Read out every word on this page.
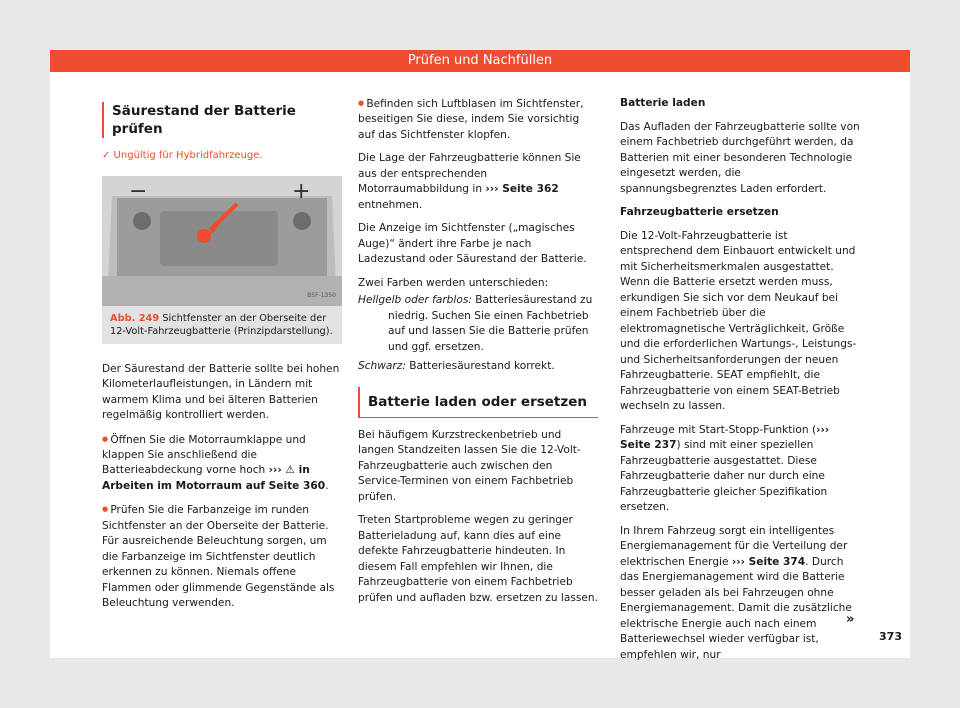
Prüfen und Nachfüllen
Säurestand der Batterie prüfen
✓ Ungültig für Hybridfahrzeuge.
−	+
B5F-1350
Abb. 249 Sichtfenster an der Oberseite der 12-Volt-Fahrzeugbatterie (Prinzipdarstellung).

Der Säurestand der Batterie sollte bei hohen Kilometerlaufleistungen, in Ländern mit warmem Klima und bei älteren Batterien regelmäßig kontrolliert werden.

● Öffnen Sie die Motorraumklappe und klappen Sie anschließend die Batterieabdeckung vorne hoch ››› ⚠ in Arbeiten im Motorraum auf Seite 360.

● Prüfen Sie die Farbanzeige im runden Sichtfenster an der Oberseite der Batterie. Für ausreichende Beleuchtung sorgen, um die Farbanzeige im Sichtfenster deutlich erkennen zu können. Niemals offene Flammen oder glimmende Gegenstände als Beleuchtung verwenden.

● Befinden sich Luftblasen im Sichtfenster, beseitigen Sie diese, indem Sie vorsichtig auf das Sichtfenster klopfen.

Die Lage der Fahrzeugbatterie können Sie aus der entsprechenden Motorraumabbildung in ››› Seite 362 entnehmen.

Die Anzeige im Sichtfenster („magisches Auge)“ ändert ihre Farbe je nach Ladezustand oder Säurestand der Batterie.

Zwei Farben werden unterschieden:

Hellgelb oder farblos: Batteriesäurestand zu niedrig. Suchen Sie einen Fachbetrieb auf und lassen Sie die Batterie prüfen und ggf. ersetzen.

Schwarz: Batteriesäurestand korrekt.

Batterie laden oder ersetzen

Bei häufigem Kurzstreckenbetrieb und langen Standzeiten lassen Sie die 12-Volt-Fahrzeugbatterie auch zwischen den Service-Terminen von einem Fachbetrieb prüfen.

Treten Startprobleme wegen zu geringer Batterieladung auf, kann dies auf eine defekte Fahrzeugbatterie hindeuten. In diesem Fall empfehlen wir Ihnen, die Fahrzeugbatterie von einem Fachbetrieb prüfen und aufladen bzw. ersetzen zu lassen.

Batterie laden

Das Aufladen der Fahrzeugbatterie sollte von einem Fachbetrieb durchgeführt werden, da Batterien mit einer besonderen Technologie eingesetzt werden, die spannungsbegrenztes Laden erfordert.

Fahrzeugbatterie ersetzen

Die 12-Volt-Fahrzeugbatterie ist entsprechend dem Einbauort entwickelt und mit Sicherheitsmerkmalen ausgestattet. Wenn die Batterie ersetzt werden muss, erkundigen Sie sich vor dem Neukauf bei einem Fachbetrieb über die elektromagnetische Verträglichkeit, Größe und die erforderlichen Wartungs-, Leistungs- und Sicherheitsanforderungen der neuen Fahrzeugbatterie. SEAT empfiehlt, die Fahrzeugbatterie von einem SEAT-Betrieb wechseln zu lassen.

Fahrzeuge mit Start-Stopp-Funktion (››› Seite 237) sind mit einer speziellen Fahrzeugbatterie ausgestattet. Diese Fahrzeugbatterie daher nur durch eine Fahrzeugbatterie gleicher Spezifikation ersetzen.

In Ihrem Fahrzeug sorgt ein intelligentes Energiemanagement für die Verteilung der elektrischen Energie ››› Seite 374. Durch das Energiemanagement wird die Batterie besser geladen als bei Fahrzeugen ohne Energiemanagement. Damit die zusätzliche elektrische Energie auch nach einem Batteriewechsel wieder verfügbar ist, empfehlen wir, nur

»
373
